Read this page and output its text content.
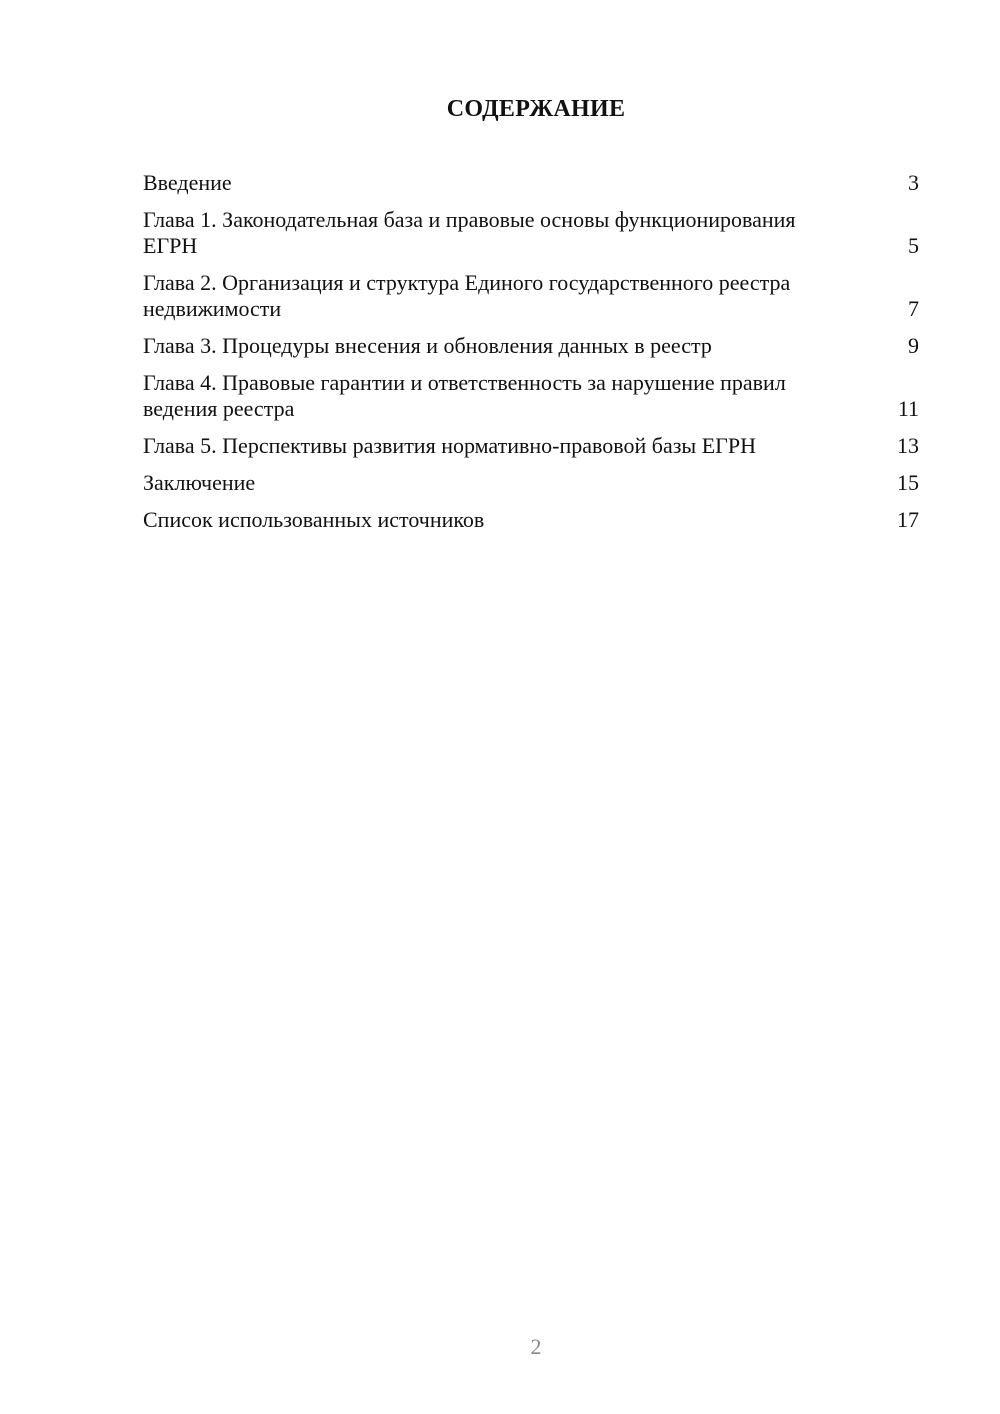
СОДЕРЖАНИЕ
Введение	3
Глава 1. Законодательная база и правовые основы функционирования ЕГРН	5
Глава 2. Организация и структура Единого государственного реестра недвижимости	7
Глава 3. Процедуры внесения и обновления данных в реестр	9
Глава 4. Правовые гарантии и ответственность за нарушение правил ведения реестра	11
Глава 5. Перспективы развития нормативно-правовой базы ЕГРН	13
Заключение	15
Список использованных источников	17
2
